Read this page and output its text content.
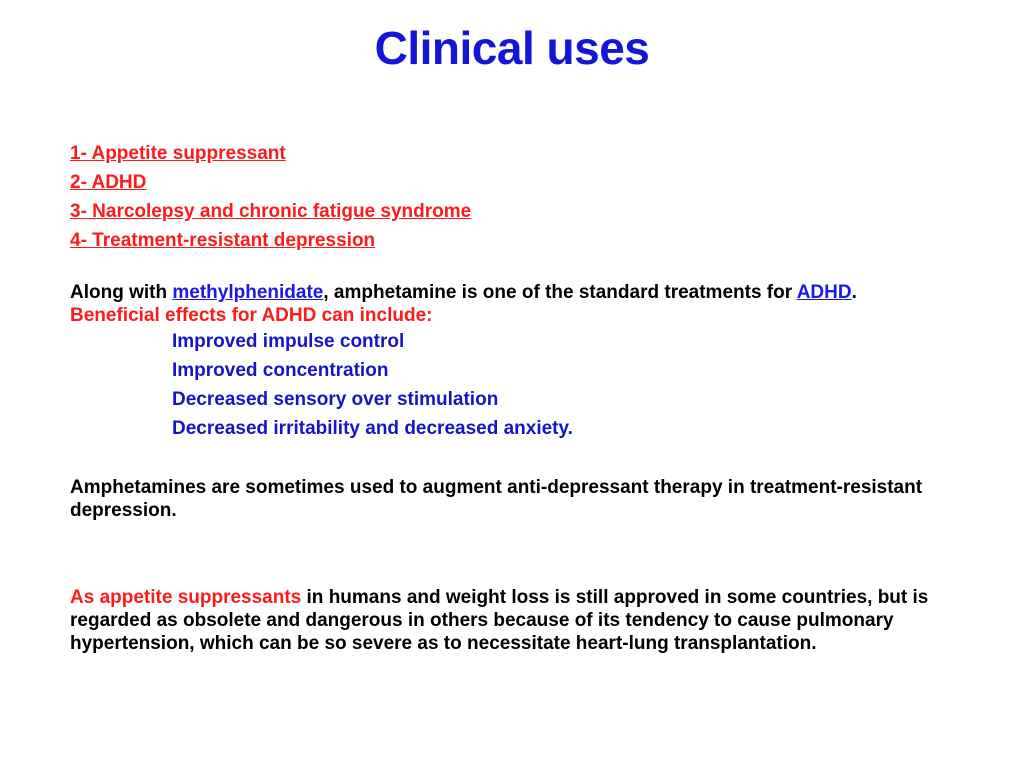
Clinical uses
1- Appetite suppressant
2- ADHD
3- Narcolepsy and chronic fatigue syndrome
4- Treatment-resistant depression

Along with methylphenidate, amphetamine is one of the standard treatments for ADHD.
Beneficial effects for ADHD can include:

Improved impulse control
Improved concentration
Decreased sensory over stimulation
Decreased irritability and decreased anxiety.

Amphetamines are sometimes used to augment anti-depressant therapy in treatment-resistant depression.

As appetite suppressants in humans and weight loss is still approved in some countries, but is regarded as obsolete and dangerous in others because of its tendency to cause pulmonary hypertension, which can be so severe as to necessitate heart-lung transplantation.
